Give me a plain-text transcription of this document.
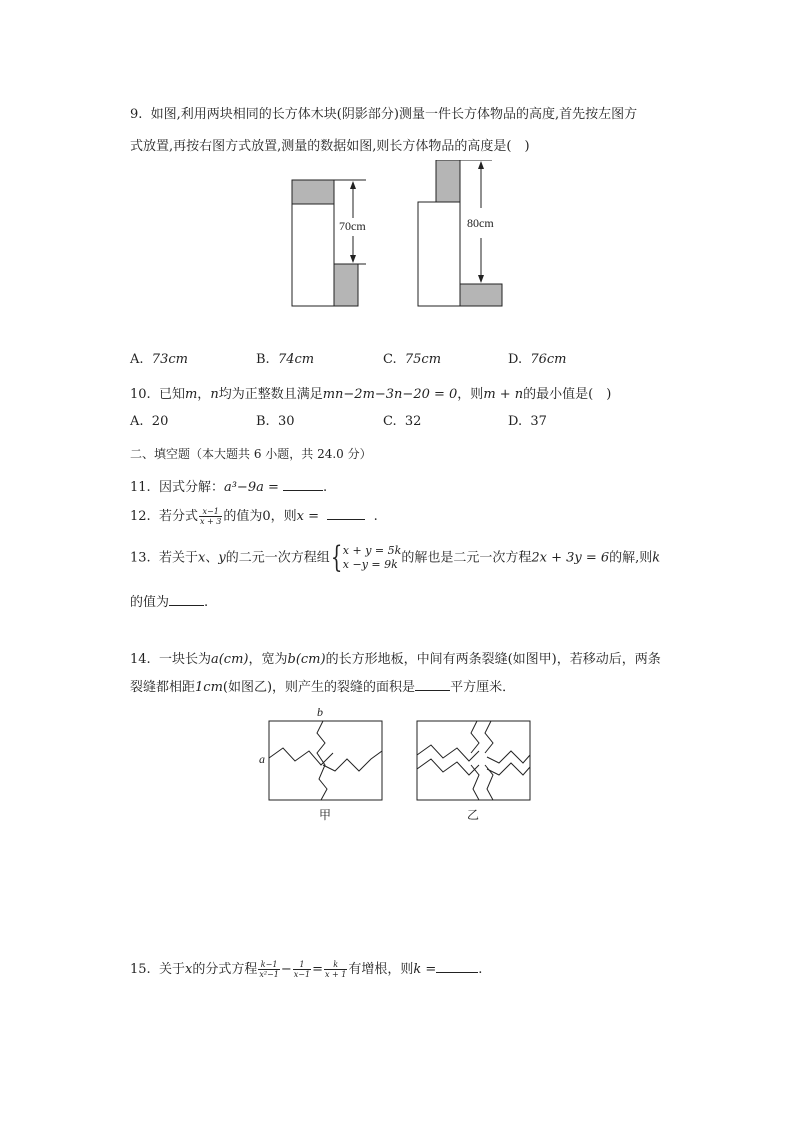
9. 如图,利用两块相同的长方体木块(阴影部分)测量一件长方体物品的高度,首先按左图方
式放置,再按右图方式放置,测量的数据如图,则长方体物品的高度是(　)
70cm	80cm
A. 73cm	B. 74cm	C. 75cm	D. 76cm
10. 已知m，n均为正整数且满足mn−2m−3n−20 = 0，则m + n的最小值是(　)
A. 20	B. 30	C. 32	D. 37
二、填空题（本大题共 6 小题，共 24.0 分）
11. 因式分解：a³−9a =	.
12. 若分式 $\frac{x-1}{x + 3}$ 的值为0，则x =	.
13. 若关于x、y的二元一次方程组{ x + y = 5k
x −y = 9k 的解也是二元一次方程2x + 3y = 6的解,则k
的值为	.
14. 一块长为a(cm)，宽为b(cm)的长方形地板，中间有两条裂缝(如图甲)，若移动后，两条
裂缝都相距1cm(如图乙)，则产生的裂缝的面积是	平方厘米．
b
a
甲	乙
15. 关于x的分式方程 $\frac{k-1}{\text{x²−1}} - \frac{1}{x-1} = \frac{k}{x + 1}$ 有增根，则k =	.
